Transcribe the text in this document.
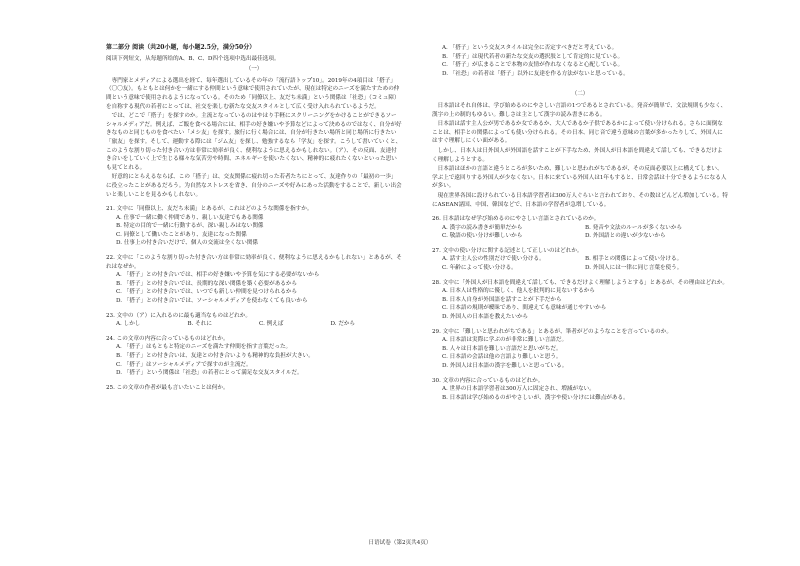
第二部分 阅读（共20小题，每小题2.5分，满分50分）

阅读下列短文，从每题所给的A、B、C、D四个选项中选出最佳选项。

（一）

専門家とメディアによる選出を経て、毎年選出しているその年の「流行語トップ10」。2019年の4項目は「搭子」（〇〇友）。もともとは何かを一緒にする仲間という意味で使用されていたが、現在は特定のニーズを満たすための仲間という意味で使用されるようになっている。そのため「同僚以上、友だち未満」という関係は「社恐」（コミュ障）を自称する現代の若者にとっては、社交を楽しむ新たな交友スタイルとして広く受け入れられているようだ。

では、どこで「搭子」を探すのか。主流となっているのはやはり手軽にスクリーニングをかけることができるソーシャルメディアだ。例えば、ご飯を食べる場合には、相手の好き嫌いや予算などによって決めるのではなく、自分が好きなものと同じものを食べたい「メシ友」を探す。旅行に行く場合には、自分が行きたい場所と同じ場所に行きたい「旅友」を探す。そして、運動する際には「ジム友」を探し、勉強するなら「学友」を探す。こうして書いていくと、このような割り切った付き合い方は非常に効率が良く、便利なように思えるかもしれない。（ア）、その反面、友達付き合いをしていく上で生じる様々な気苦労や時間、エネルギーを使いたくない、精神的に疲れたくないといった思いも見てとれる。

好意的にとらえるならば、この「搭子」は、交友関係に疲れ切った若者たちにとって、友達作りの「最初の一歩」に役立ったことがあるだろう。为自然なストレスを省き、自分のニーズや好みにあった活動をすることで、新しい出会いと楽しいことを見るかもしれない。

21. 文中に「同僚以上、友だち未満」とあるが、これはどのような関係を指すか。
A. 仕事で一緒に働く仲間であり、親しい友達でもある関係
B. 特定の目的で一緒に行動するが、深い親しみはない関係
C. 同僚として働いたことがあり、友達になった関係
D. 仕事上の付き合いだけで、個人の交流は全くない関係
22. 文中に「このような割り切った付き合い方は非常に効率が良く、便利なように思えるかもしれない」とあるが、それはなぜか。
A. 「搭子」との付き合いでは、相手の好き嫌いや予算を気にする必要がないから
B. 「搭子」との付き合いでは、長期的な深い関係を築く必要があるから
C. 「搭子」との付き合いでは、いつでも新しい仲間を見つけられるから
D. 「搭子」との付き合いでは、ソーシャルメディアを使わなくても良いから
23. 文中の（ア）に入れるのに最も適当なものはどれか。
A. しかし	B. それに	C. 例えば	D. だから
24. この文章の内容に合っているものはどれか。
A. 「搭子」はもともと特定のニーズを満たす仲間を指す言葉だった。
B. 「搭子」との付き合いは、友達との付き合いよりも精神的な負担が大きい。
C. 「搭子」はソーシャルメディアで探すのが主流だ。
D. 「搭子」という関係は「社恐」の若者にとって満足な交友スタイルだ。
25. この文章の作者が最も言いたいことは何か。
A. 「搭子」という交友スタイルは完全に否定すべきだと考えている。
B. 「搭子」は現代若者の新たな交友の選択肢として肯定的に見ている。
C. 「搭子」が広まることで本物の友情が作れなくなると心配している。
D. 「社恐」の若者は「搭子」以外に友達を作る方法がないと思っている。

（二）

日本語はそれ自体は、学び始めるのにやさしい言語の1つであるとされている。発音が簡単で、文法規則も少なく、漢字の上の制約もゆるい。難しさは主として漢字の読み書きにある。

日本語は話す主人公が男であるか女であるか、大人であるか子供であるかによって使い分けられる。さらに面倒なことは、相手との関係によっても使い分けられる。その日本、同じ音で違う意味の言葉が多かったりして、外国人にはすぐ理解しにくい面がある。

しかし、日本人は日外国人が外国語を話すことが下手なため、外国人が日本語を間違えて話しても、できるだけよく理解しようとする。

日本語はほかの言語と違うところが多いため、難しいと思われがちであるが、その反面必要以上に構えてしまい、学ぶ上で遠回りする外国人が少なくない。日本に来ている外国人は1年もすると、日常会話は十分できるようになる人が多い。

現在世界各国に設けられている日本語学習者は300万人ぐらいと言われており、その数はどんどん増加している。特にASEAN諸国、中国、韓国などで、日本語の学習者が急増している。

26. 日本語はなぜ学び始めるのにやさしい言語とされているのか。
A. 漢字の読み書きが簡単だから	B. 発音や文法のルールが多くないから
C. 敬語の使い分けが難しいから	D. 外国語との違いが少ないから
27. 文中の使い分けに関する記述として正しいのはどれか。
A. 話す主人公の性別だけで使い分ける。	B. 相手との関係によって使い分ける。
C. 年齢によって使い分ける。	D. 外国人には一律に同じ言葉を使う。
28. 文中に「外国人が日本語を間違えて話しても、できるだけよく理解しようとする」とあるが、その理由はどれか。
A. 日本人は性格的に優しく、他人を批判的に見ないするから
B. 日本人自身が外国語を話すことが下手だから
C. 日本語の規則が曖昧であり、間違えても意味が通じやすいから
D. 外国人の日本語を教えたいから
29. 文中に「難しいと思われがちである」とあるが、筆者がどのようなことを言っているのか。
A. 日本語は実際に学ぶのが非常に難しい言語だ。
B. 人々は日本語を難しい言語だと思いがちだ。
C. 日本語の会話は他の言語より難しいと思う。
D. 外国人は日本語の漢字を難しいと思っている。
30. 文章の内容に合っているものはどれか。
A. 世界の日本語学習者は300万人に固定され、増減がない。
B. 日本語は学び始めるのがやさしいが、漢字や使い分けには難点がある。
日语试卷（第2页共4页）
